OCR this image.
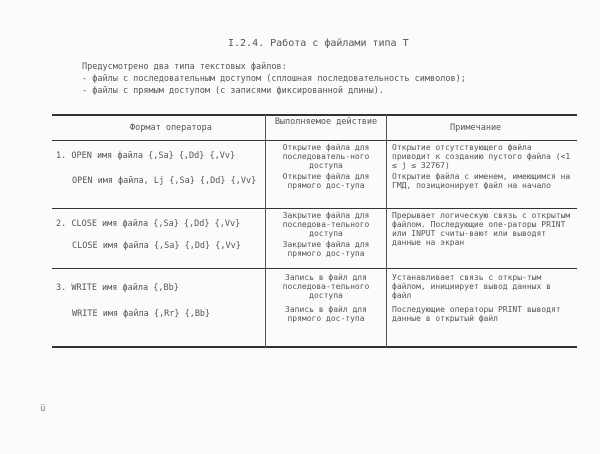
I.2.4. Работа с файлами типа T
Предусмотрено два типа текстовых файлов:
- файлы с последовательным доступом (сплошная последовательность символов);
- файлы с прямым доступом (с записями фиксированной длины).
Формат оператора
Выполняемое действие
Примечание
1. OPEN имя файла {,Sa} {,Dd} {,Vv}
OPEN имя файла, Lj {,Sa} {,Dd} {,Vv}
Открытие файла для последователь-ного доступа
Открытие файла для прямого дос-тупа
Открытие отсутствующего файла приводит к созданию пустого файла (<1 ≤ j ≤ 32767)
Открытие файла с именем, имеющимся на ГМД, позиционирует файл на начало
2. CLOSE имя файла {,Sa} {,Dd} {,Vv}
CLOSE имя файла {,Sa} {,Dd} {,Vv}
Закрытие файла для последова-тельного доступа
Закрытие файла для прямого дос-тупа
Прерывает логическую связь с открытым файлом. Последующие опе-раторы PRINT или INPUT считы-вают или выводят данные на экран
3. WRITE имя файла {,Bb}
WRITE имя файла {,Rr} {,Bb}
Запись в файл для последова-тельного доступа
Запись в файл для прямого дос-тупа
Устанавливает связь с откры-тым файлом, инициирует вывод данных в файл
Последующие операторы PRINT выводят данные в открытый файл
ü
